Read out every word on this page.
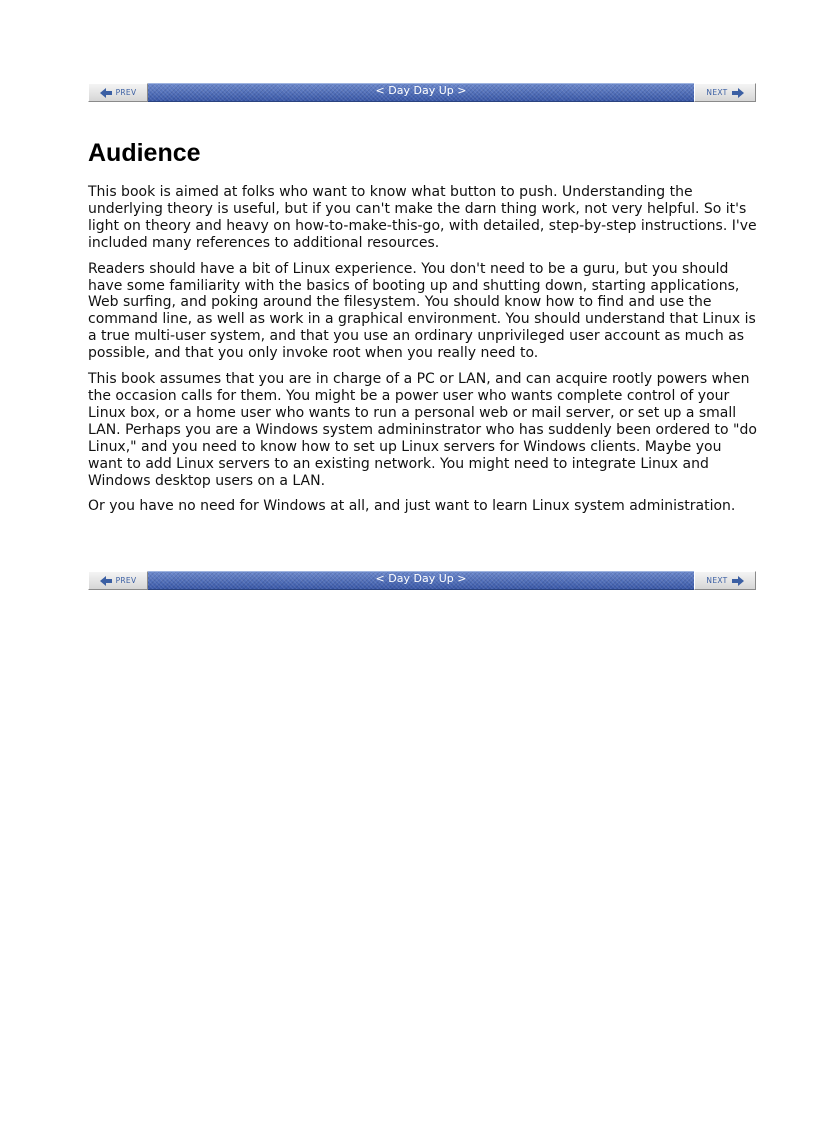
PREV	< Day Day Up >	NEXT
Audience

This book is aimed at folks who want to know what button to push. Understanding the underlying theory is useful, but if you can't make the darn thing work, not very helpful. So it's light on theory and heavy on how-to-make-this-go, with detailed, step-by-step instructions. I've included many references to additional resources.

Readers should have a bit of Linux experience. You don't need to be a guru, but you should have some familiarity with the basics of booting up and shutting down, starting applications, Web surfing, and poking around the filesystem. You should know how to find and use the command line, as well as work in a graphical environment. You should understand that Linux is a true multi-user system, and that you use an ordinary unprivileged user account as much as possible, and that you only invoke root when you really need to.

This book assumes that you are in charge of a PC or LAN, and can acquire rootly powers when the occasion calls for them. You might be a power user who wants complete control of your Linux box, or a home user who wants to run a personal web or mail server, or set up a small LAN. Perhaps you are a Windows system admininstrator who has suddenly been ordered to "do Linux," and you need to know how to set up Linux servers for Windows clients. Maybe you want to add Linux servers to an existing network. You might need to integrate Linux and Windows desktop users on a LAN.

Or you have no need for Windows at all, and just want to learn Linux system administration.

PREV	< Day Day Up >	NEXT
